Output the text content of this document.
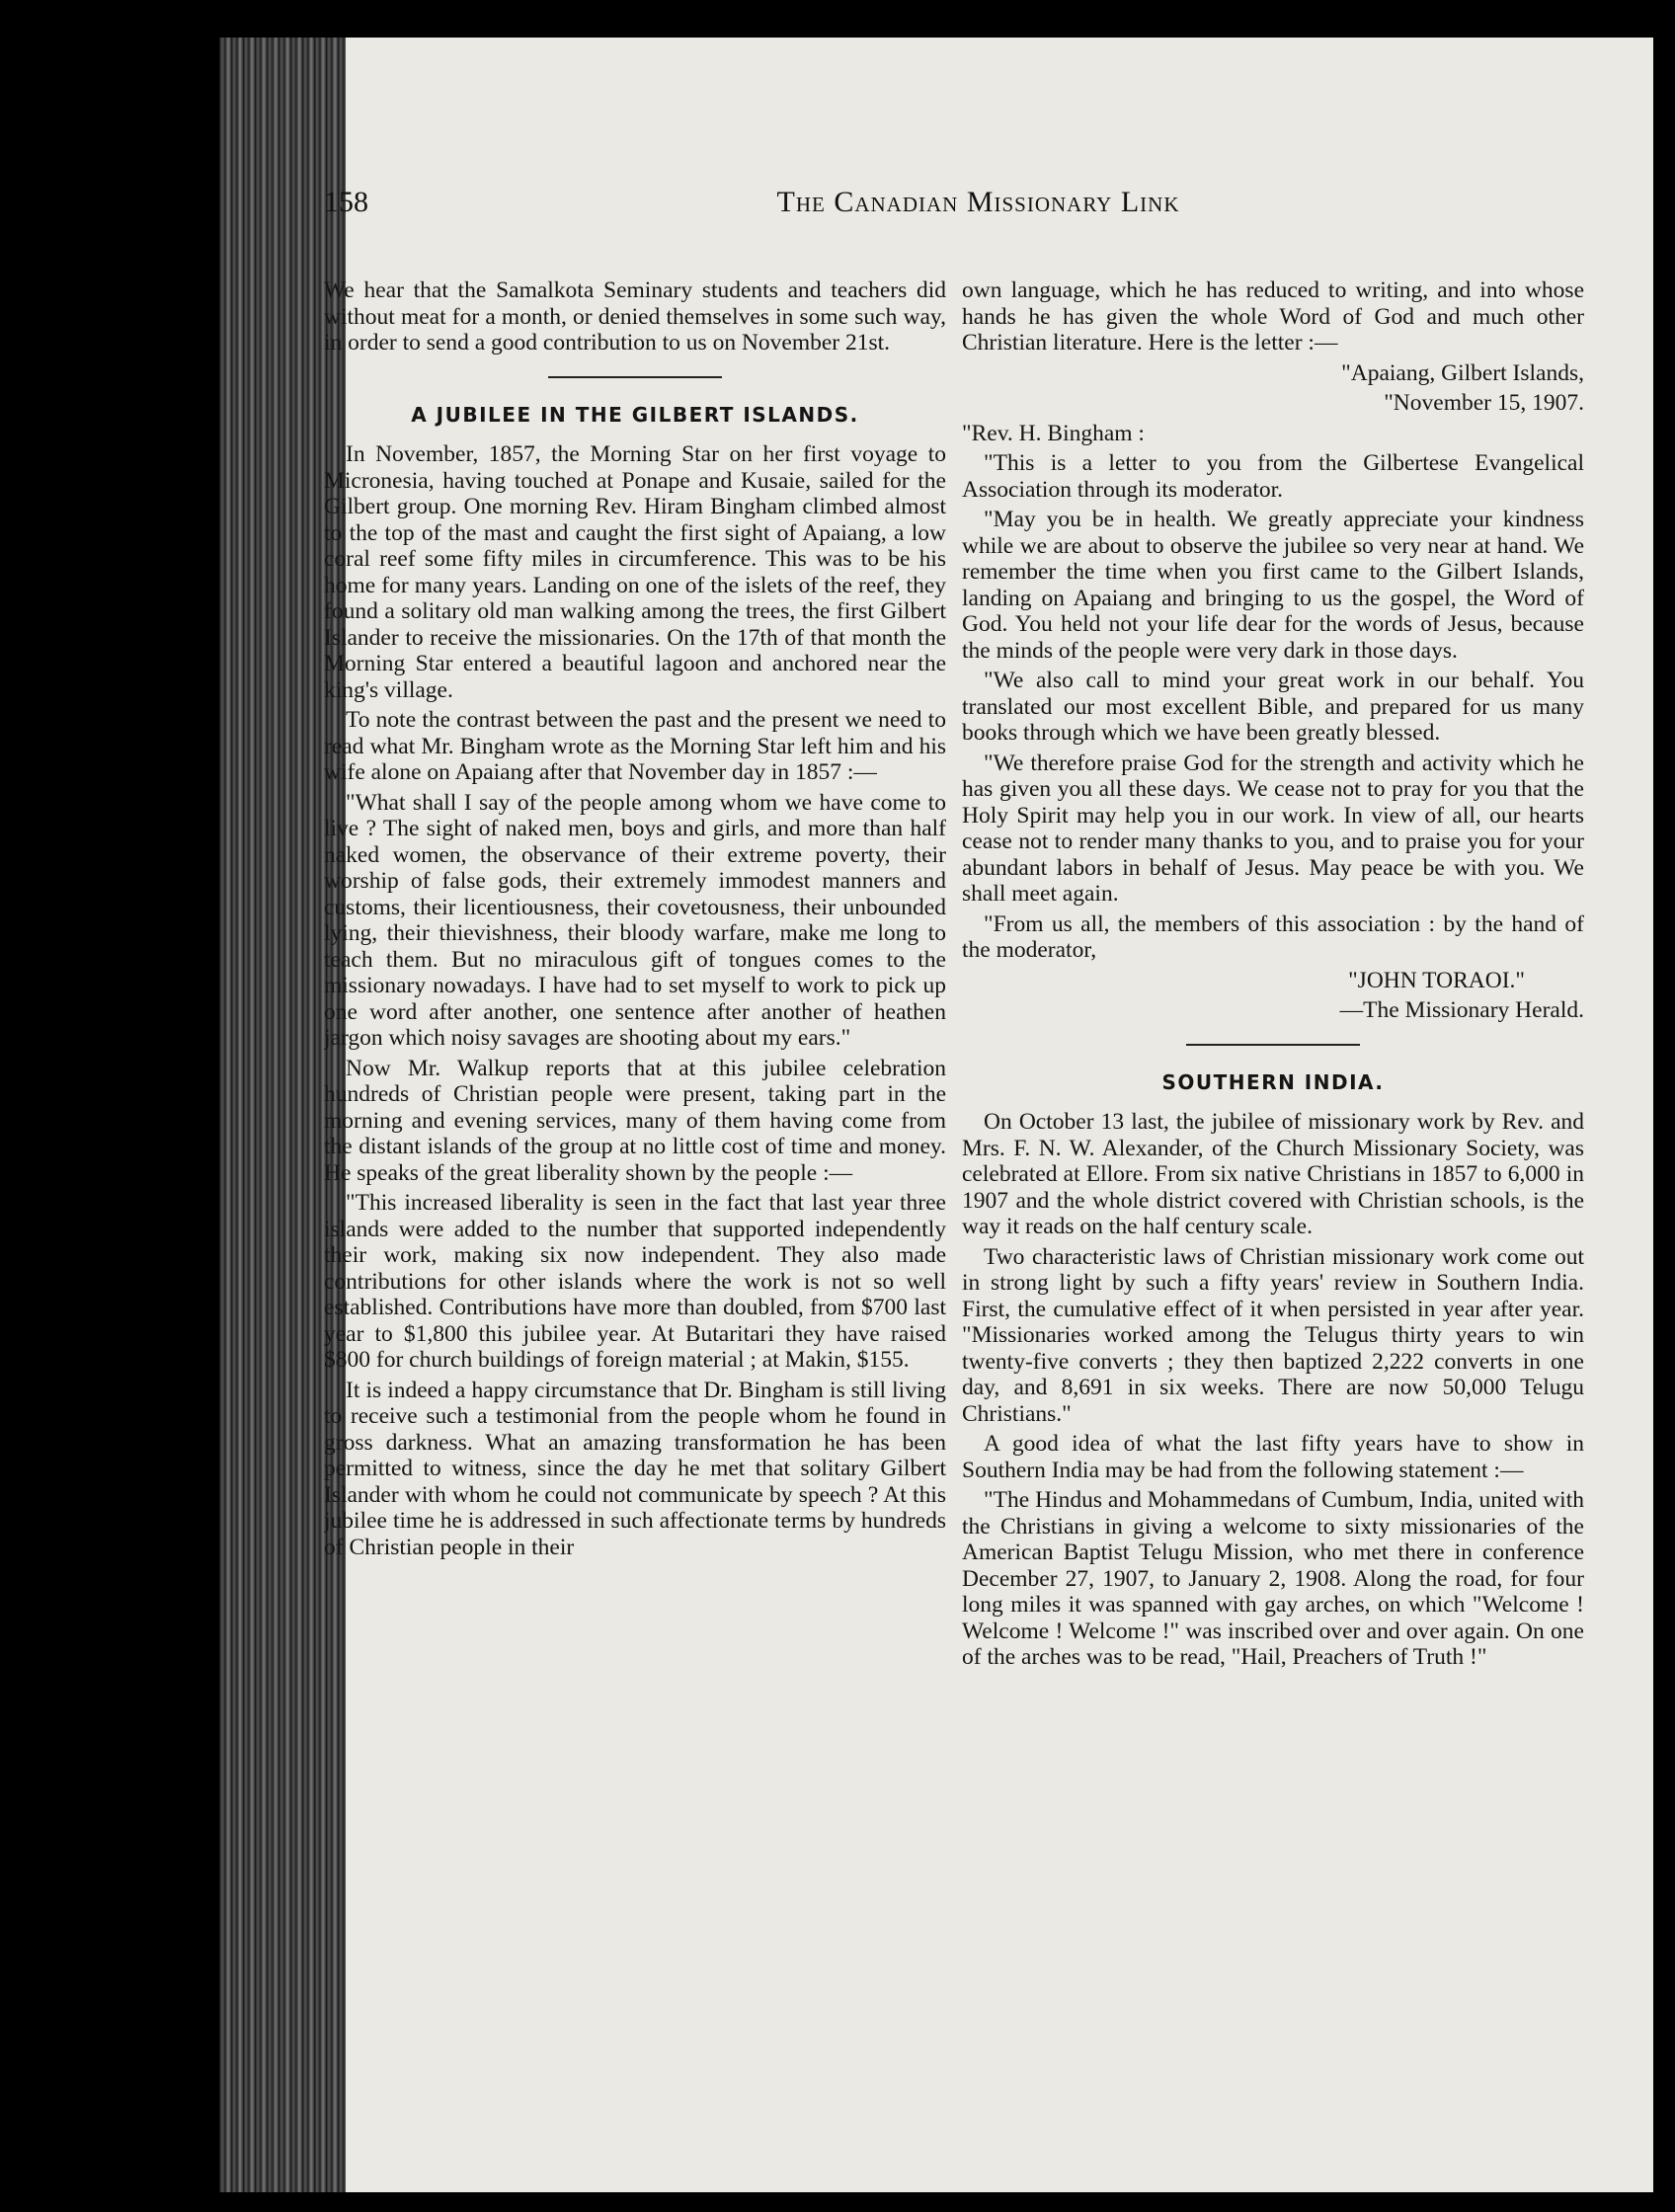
158	The Canadian Missionary Link

We hear that the Samalkota Seminary students and teachers did without meat for a month, or denied themselves in some such way, in order to send a good contribution to us on November 21st.

A JUBILEE IN THE GILBERT ISLANDS.

In November, 1857, the Morning Star on her first voyage to Micronesia, having touched at Ponape and Kusaie, sailed for the Gilbert group. One morning Rev. Hiram Bingham climbed almost to the top of the mast and caught the first sight of Apaiang, a low coral reef some fifty miles in circumference. This was to be his home for many years. Landing on one of the islets of the reef, they found a solitary old man walking among the trees, the first Gilbert Islander to receive the missionaries. On the 17th of that month the Morning Star entered a beautiful lagoon and anchored near the king's village.

To note the contrast between the past and the present we need to read what Mr. Bingham wrote as the Morning Star left him and his wife alone on Apaiang after that November day in 1857 :—

"What shall I say of the people among whom we have come to live ? The sight of naked men, boys and girls, and more than half naked women, the observance of their extreme poverty, their worship of false gods, their extremely immodest manners and customs, their licentiousness, their covetousness, their unbounded lying, their thievishness, their bloody warfare, make me long to teach them. But no miraculous gift of tongues comes to the missionary nowadays. I have had to set myself to work to pick up one word after another, one sentence after another of heathen jargon which noisy savages are shooting about my ears."

Now Mr. Walkup reports that at this jubilee celebration hundreds of Christian people were present, taking part in the morning and evening services, many of them having come from the distant islands of the group at no little cost of time and money. He speaks of the great liberality shown by the people :—

"This increased liberality is seen in the fact that last year three islands were added to the number that supported independently their work, making six now independent. They also made contributions for other islands where the work is not so well established. Contributions have more than doubled, from $700 last year to $1,800 this jubilee year. At Butaritari they have raised $800 for church buildings of foreign material ; at Makin, $155.

It is indeed a happy circumstance that Dr. Bingham is still living to receive such a testimonial from the people whom he found in gross darkness. What an amazing transformation he has been permitted to witness, since the day he met that solitary Gilbert Islander with whom he could not communicate by speech ? At this jubilee time he is addressed in such affectionate terms by hundreds of Christian people in their

own language, which he has reduced to writing, and into whose hands he has given the whole Word of God and much other Christian literature. Here is the letter :—

"Apaiang, Gilbert Islands,

"November 15, 1907.

"Rev. H. Bingham :

"This is a letter to you from the Gilbertese Evangelical Association through its moderator.

"May you be in health. We greatly appreciate your kindness while we are about to observe the jubilee so very near at hand. We remember the time when you first came to the Gilbert Islands, landing on Apaiang and bringing to us the gospel, the Word of God. You held not your life dear for the words of Jesus, because the minds of the people were very dark in those days.

"We also call to mind your great work in our behalf. You translated our most excellent Bible, and prepared for us many books through which we have been greatly blessed.

"We therefore praise God for the strength and activity which he has given you all these days. We cease not to pray for you that the Holy Spirit may help you in our work. In view of all, our hearts cease not to render many thanks to you, and to praise you for your abundant labors in behalf of Jesus. May peace be with you. We shall meet again.

"From us all, the members of this association : by the hand of the moderator,

"JOHN TORAOI."

—The Missionary Herald.

SOUTHERN INDIA.

On October 13 last, the jubilee of missionary work by Rev. and Mrs. F. N. W. Alexander, of the Church Missionary Society, was celebrated at Ellore. From six native Christians in 1857 to 6,000 in 1907 and the whole district covered with Christian schools, is the way it reads on the half century scale.

Two characteristic laws of Christian missionary work come out in strong light by such a fifty years' review in Southern India. First, the cumulative effect of it when persisted in year after year. "Missionaries worked among the Telugus thirty years to win twenty-five converts ; they then baptized 2,222 converts in one day, and 8,691 in six weeks. There are now 50,000 Telugu Christians."

A good idea of what the last fifty years have to show in Southern India may be had from the following statement :—

"The Hindus and Mohammedans of Cumbum, India, united with the Christians in giving a welcome to sixty missionaries of the American Baptist Telugu Mission, who met there in conference December 27, 1907, to January 2, 1908. Along the road, for four long miles it was spanned with gay arches, on which "Welcome ! Welcome ! Welcome !" was inscribed over and over again. On one of the arches was to be read, "Hail, Preachers of Truth !"
